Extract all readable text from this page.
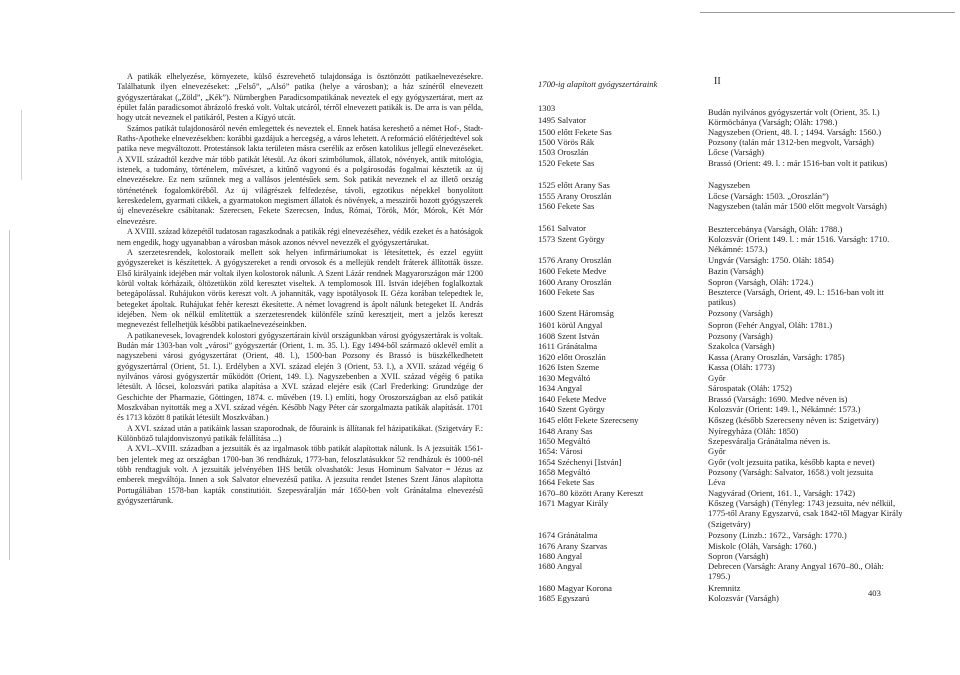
A patikák elhelyezése, környezete, külső észrevehető tulajdonsága is ösztönzött patikaelnevezésekre. Találhatunk ilyen elnevezéseket: „Felső”, „Alsó” patika (helye a városban); a ház színéről elnevezett gyógyszertárakat („Zöld”, „Kék”). Nürnbergben Paradicsompatikának neveztek el egy gyógyszertárat, mert az épület falán paradicsomot ábrázoló freskó volt. Voltak utcáról, térről elnevezett patikák is. De arra is van példa, hogy utcát neveznek el patikáról, Pesten a Kígyó utcát.

Számos patikát tulajdonosáról nevén emlegettek és neveztek el. Ennek hatása kereshető a német Hof-, Stadt- Raths-Apotheke elnevezésekben: korábbi gazdájuk a hercegség, a város lehetett. A reformáció előtérjedtével sok patika neve megváltozott. Protestánsok lakta területen másra cserélik az erősen katolikus jellegű elnevezéseket. A XVII. századtól kezdve már több patikát létesül. Az ókori szimbólumok, állatok, növények, antik mitológia, istenek, a tudomány, történelem, művészet, a kitűnő vagyonú és a polgárosodás fogalmai késztetik az új elnevezésekre. Ez nem szűnnek meg a vallásos jelentésűek sem. Sok patikát neveznek el az illető ország történetének fogalomköréből. Az új világrészek felfedezése, távoli, egzotikus népekkel bonyolított kereskedelem, gyarmati cikkek, a gyarmatokon megismert állatok és növények, a messzirői hozott gyógyszerek új elnevezésekre csábítanak: Szerecsen, Fekete Szerecsen, Indus, Római, Török, Mór, Mórok, Két Mór elnevezésre.

A XVIII. század közepétől tudatosan ragaszkodnak a patikák régi elnevezéséhez, védik ezeket és a hatóságok nem engedik, hogy ugyanabban a városban mások azonos névvel nevezzék el gyógyszertárukat.

A szerzetesrendek, kolostoraik mellett sok helyen infirmáriumokat is létesítettek, és ezzel együtt gyógyszereket is készítettek. A gyógyszereket a rendi orvosok és a mellejük rendelt fráterek állították össze. Első királyaink idejében már voltak ilyen kolostorok nálunk. A Szent Lázár rendnek Magyarországon már 1200 körül voltak kórházaik, öltözetükön zöld keresztet viseltek. A templomosok III. István idejében foglalkoztak betegápolással. Ruhájukon vörös kereszt volt. A johanniták, vagy ispotályosok II. Géza korában telepedtek le, betegeket ápoltak. Ruhájukat fehér kereszt ékesítette. A német lovagrend is ápolt nálunk betegeket II. András idejében. Nem ok nélkül említettük a szerzetesrendek különféle színű keresztjeit, mert a jelzős kereszt megnevezést fellelhetjük későbbi patikaelnevezéseinkben.

A patikanevesek, lovagrendek kolostori gyógyszertárain kívül országunkban városi gyógyszertárak is voltak. Budán már 1303-ban volt „városi” gyógyszertár (Orient, 1. m. 35. l.). Egy 1494-ből származó oklevél említ a nagyszebeni városi gyógyszertárat (Orient, 48. l.), 1500-ban Pozsony és Brassó is büszkélkedhetett gyógyszertárral (Orient, 51. l.). Erdélyben a XVI. század elején 3 (Orient, 53. l.), a XVII. század végéig 6 nyilvános városi gyógyszertár működött (Orient, 149. l.). Nagyszebenben a XVII. század végéig 6 patika létesült. A lőcsei, kolozsvári patika alapítása a XVI. század elejére esik (Carl Frederking: Grundzüge der Geschichte der Pharmazie, Göttingen, 1874. c. művében (19. l.) említi, hogy Oroszországban az első patikát Moszkvában nyitották meg a XVI. század végén. Később Nagy Péter cár szorgalmazta patikák alapítását. 1701 és 1713 között 8 patikát létesült Moszkvában.)

A XVI. század után a patikáink lassan szaporodnak, de főuraink is állítanak fel házipatikákat. (Szigetváry F.: Különböző tulajdonviszonyú patikák felállítása ...)

A XVI.–XVIII. században a jezsuiták és az irgalmasok több patikát alapítottak nálunk. Is A jezsuiták 1561-ben jelentek meg az országban 1700-ban 36 rendházuk, 1773-ban, feloszlatásukkor 52 rendházuk és 1000-nél több rendtagjuk volt. A jezsuiták jelvényében IHS betűk olvashatók: Jesus Hominum Salvator = Jézus az emberek megváltója. Innen a sok Salvator elnevezésű patika. A jezsuita rendet Istenes Szent János alapította Portugáliában 1578-ban kapták constitutióit. Szepesváralján már 1650-ben volt Gránátalma elnevezésű gyógyszertárunk.

1700-ig alapított gyógyszertáraink
1303
1495 Salvator
1500 előtt Fekete Sas
1500 Vörös Rák
1503 Oroszlán
1520 Fekete Sas
1525 előtt Arany Sas
1555 Arany Oroszlán
1560 Fekete Sas
1561 Salvator
1573 Szent György
1576 Arany Oroszlán
1600 Fekete Medve
1600 Arany Oroszlán
1600 Fekete Sas
1600 Szent Háromság
1601 körül Angyal
1608 Szent István
1611 Gránátalma
1620 előtt Oroszlán
1626 Isten Szeme
1630 Megváltó
1634 Angyal
1640 Fekete Medve
1640 Szent György
1645 előtt Fekete Szerecseny
1648 Arany Sas
1650 Megváltó
1654: Városi
1654 Széchenyi [István]
1658 Megváltó
1664 Fekete Sas
1670–80 között Arany Kereszt
1671 Magyar Király
1674 Gránátalma
1676 Arany Szarvas
1680 Angyal
1680 Angyal
1680 Magyar Korona
1685 Egyszarú
II
Budán nyilvános gyógyszertár volt (Orient, 35. l.)
Körmöcbánya (Varságh; Oláh: 1798.)
Nagyszeben (Orient, 48. l. ; 1494. Varságh: 1560.)
Pozsony (talán már 1312-ben megvolt, Varságh)
Lőcse (Varságh)
Brassó (Orient: 49. l. : már 1516-ban volt it patikus)
Nagyszeben
Lőcse (Varságh: 1503. „Oroszlán”)
Nagyszeben (talán már 1500 előtt megvolt Varságh)
Besztercebánya (Varságh, Oláh: 1788.)
Kolozsvár (Orient 149. l. : már 1516. Varságh: 1710. Nékámné: 1573.)
Ungvár (Varságh: 1750. Oláh: 1854)
Bazin (Varságh)
Sopron (Varságh, Oláh: 1724.)
Beszterce (Varságh, Orient, 49. l.: 1516-ban volt itt patikus)
Pozsony (Varságh)
Sopron (Fehér Angyal, Oláh: 1781.)
Pozsony (Varságh)
Szakolca (Varságh)
Kassa (Arany Oroszlán, Varságh: 1785)
Kassa (Oláh: 1773)
Győr
Sárospatak (Oláh: 1752)
Brassó (Varságh: 1690. Medve néven is)
Kolozsvár (Orient: 149. l., Nékámné: 1573.)
Kőszeg (később Szerecseny néven is: Szigetváry)
Nyíregyháza (Oláh: 1850)
Szepesváralja Gránátalma néven is.
Győr
Győr (volt jezsuita patika, később kapta e nevet)
Pozsony (Varságh: Salvator, 1658.) volt jezsuita
Léva
Nagyvárad (Orient, 161. l., Varságh: 1742)
Kőszeg (Varságh) (Tényleg: 1743 jezsuita, név nélkül, 1775-től Arany Egyszarvú, csak 1842-től Magyar Király (Szigetváry)
Pozsony (Linzb.: 1672., Varságh: 1770.)
Miskolc (Oláh, Varságh: 1760.)
Sopron (Varságh)
Debrecen (Varságh: Arany Angyal 1670–80., Oláh: 1795.)
Kremnitz
Kolozsvár (Varságh)	403
